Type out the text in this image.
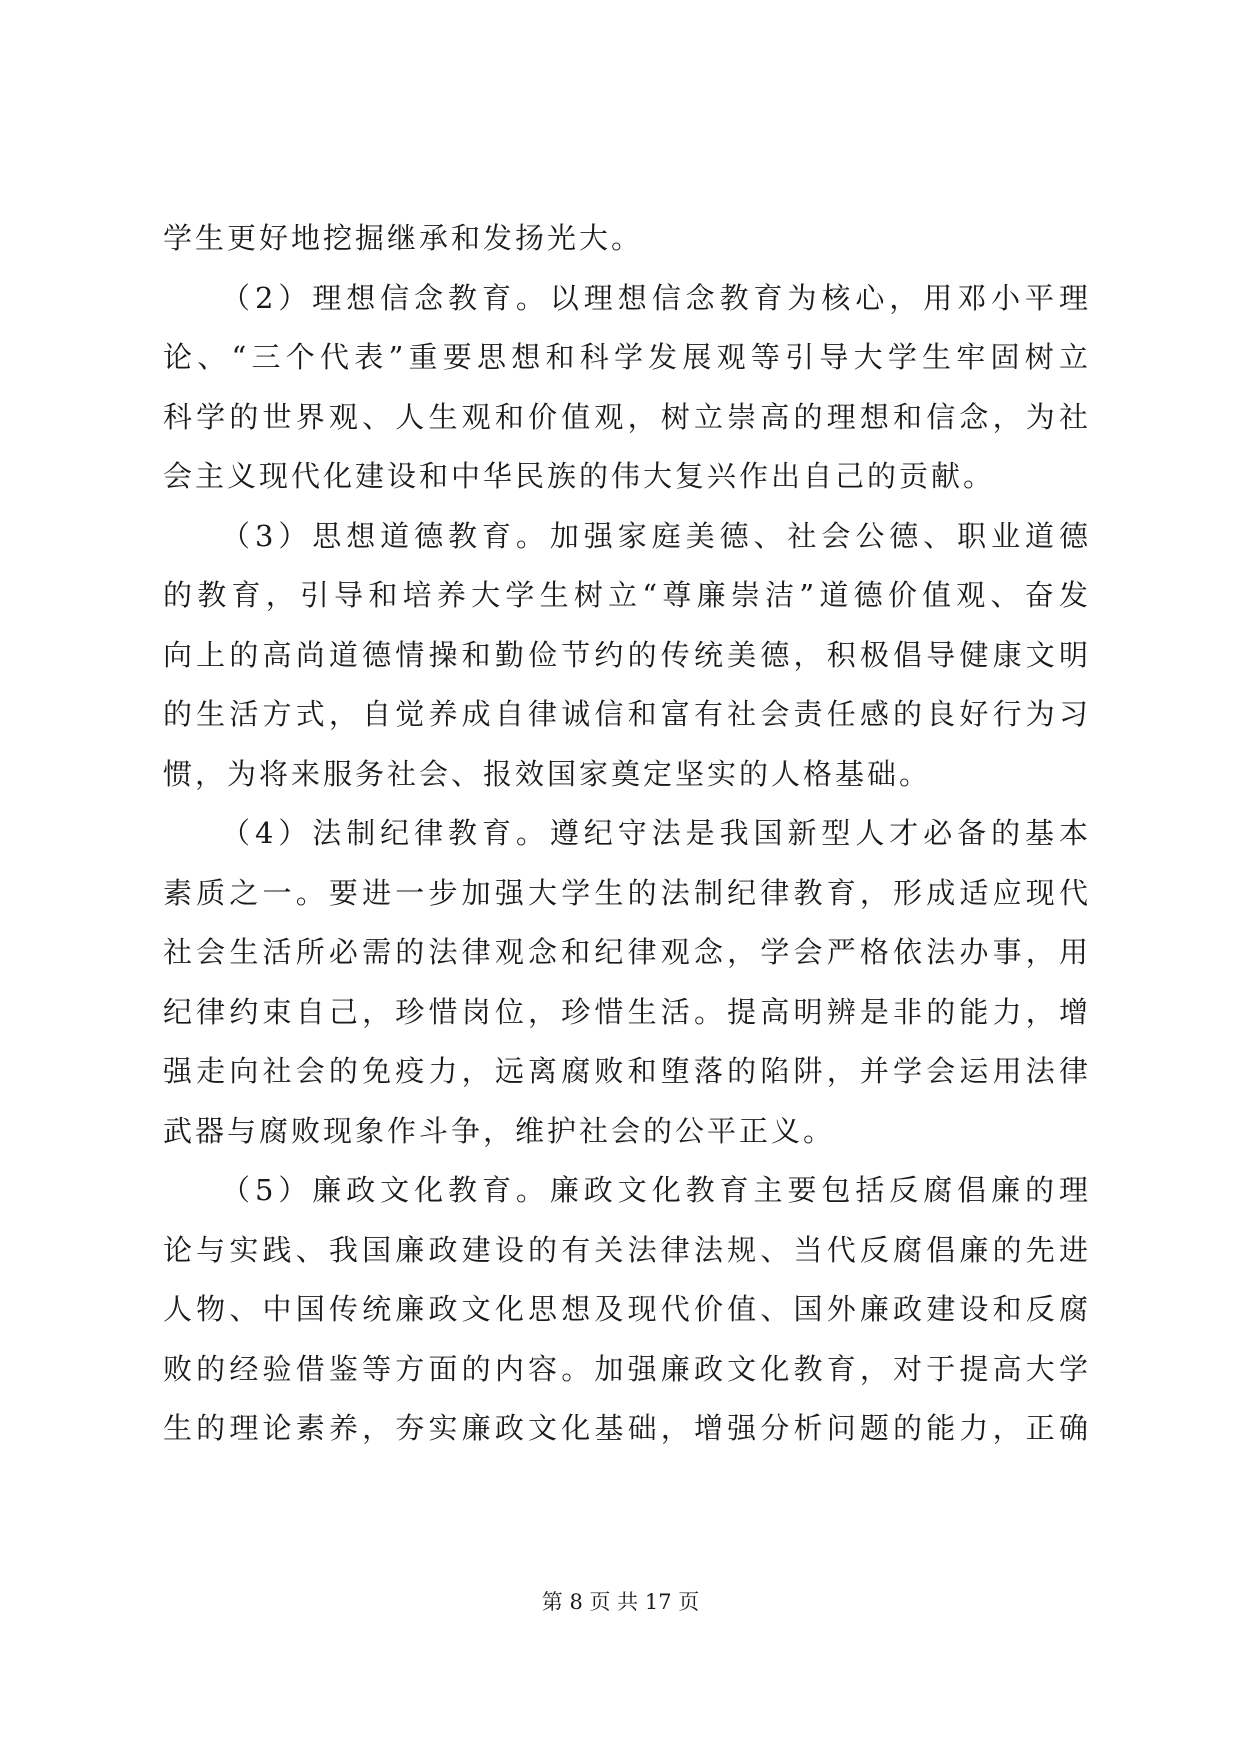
学生更好地挖掘继承和发扬光大。
（2）理想信念教育。以理想信念教育为核心，用邓小平理
论、“三个代表”重要思想和科学发展观等引导大学生牢固树立
科学的世界观、人生观和价值观，树立崇高的理想和信念，为社
会主义现代化建设和中华民族的伟大复兴作出自己的贡献。
（3）思想道德教育。加强家庭美德、社会公德、职业道德
的教育，引导和培养大学生树立“尊廉崇洁”道德价值观、奋发
向上的高尚道德情操和勤俭节约的传统美德，积极倡导健康文明
的生活方式，自觉养成自律诚信和富有社会责任感的良好行为习
惯，为将来服务社会、报效国家奠定坚实的人格基础。
（4）法制纪律教育。遵纪守法是我国新型人才必备的基本
素质之一。要进一步加强大学生的法制纪律教育，形成适应现代
社会生活所必需的法律观念和纪律观念，学会严格依法办事，用
纪律约束自己，珍惜岗位，珍惜生活。提高明辨是非的能力，增
强走向社会的免疫力，远离腐败和堕落的陷阱，并学会运用法律
武器与腐败现象作斗争，维护社会的公平正义。
（5）廉政文化教育。廉政文化教育主要包括反腐倡廉的理
论与实践、我国廉政建设的有关法律法规、当代反腐倡廉的先进
人物、中国传统廉政文化思想及现代价值、国外廉政建设和反腐
败的经验借鉴等方面的内容。加强廉政文化教育，对于提高大学
生的理论素养，夯实廉政文化基础，增强分析问题的能力，正确
第 8 页 共 17 页
